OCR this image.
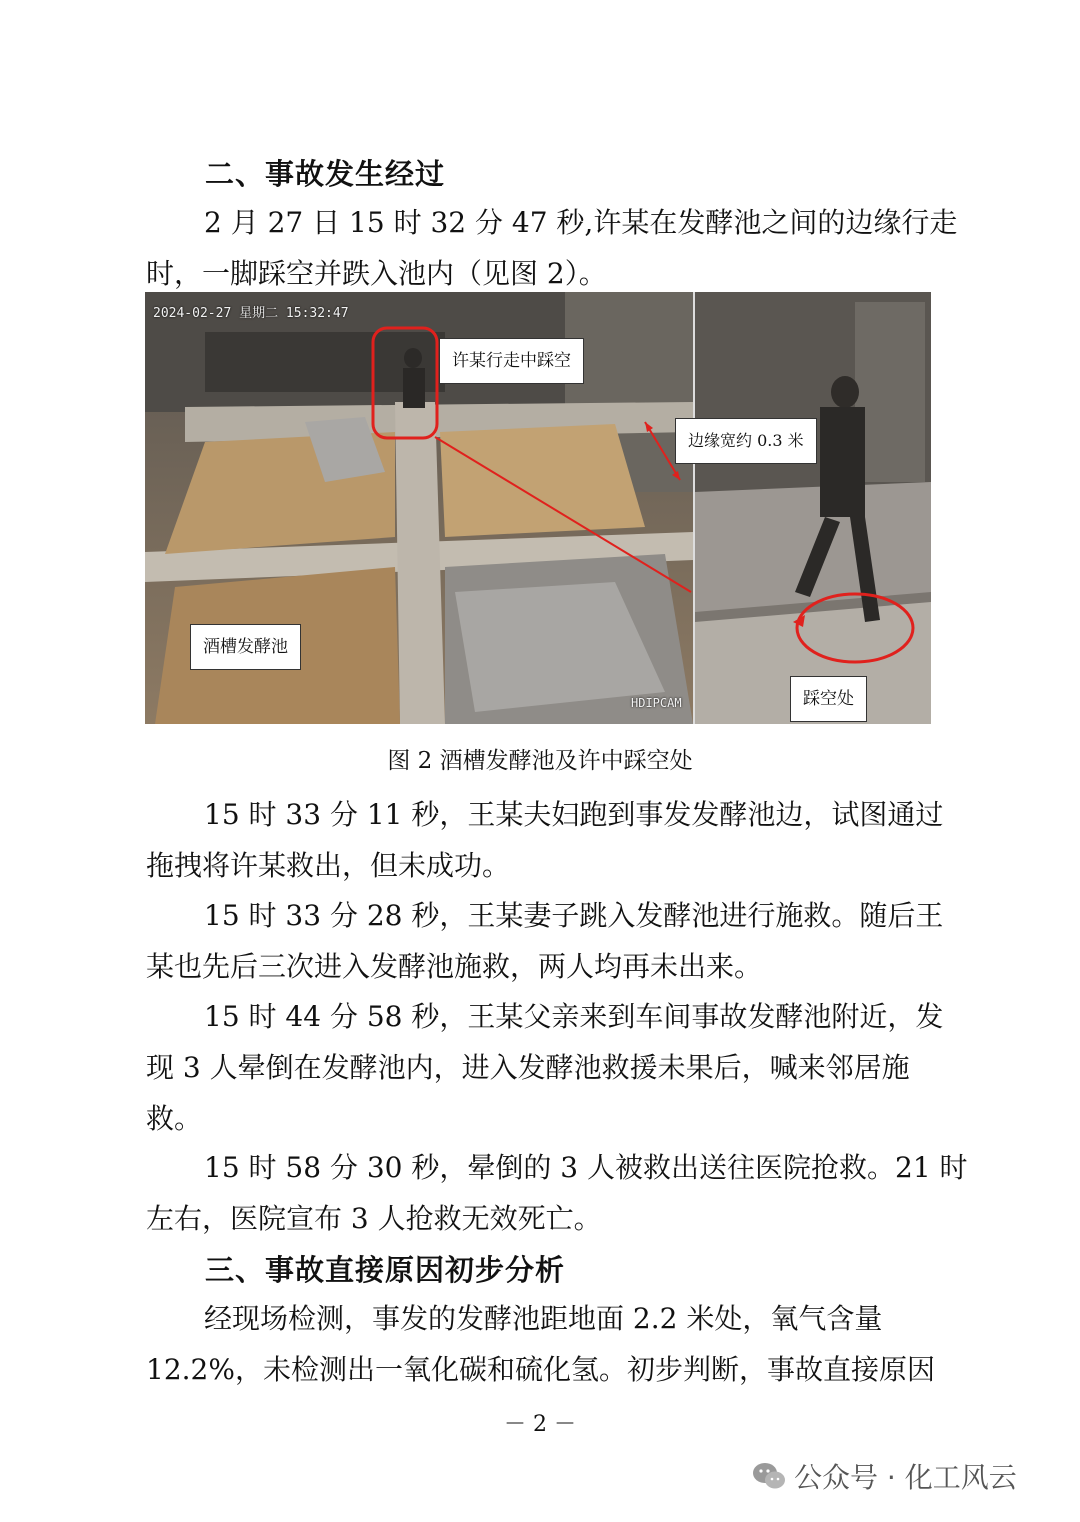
二、事故发生经过

2 月 27 日 15 时 32 分 47 秒,许某在发酵池之间的边缘行走
时，一脚踩空并跌入池内（见图 2）。

2024-02-27 星期二 15:32:47
HDIPCAM
许某行走中踩空
边缘宽约 0.3 米
酒槽发酵池
踩空处
图 2 酒槽发酵池及许中踩空处

15 时 33 分 11 秒，王某夫妇跑到事发发酵池边，试图通过
拖拽将许某救出，但未成功。

15 时 33 分 28 秒，王某妻子跳入发酵池进行施救。随后王
某也先后三次进入发酵池施救，两人均再未出来。

15 时 44 分 58 秒，王某父亲来到车间事故发酵池附近，发
现 3 人晕倒在发酵池内，进入发酵池救援未果后，喊来邻居施
救。

15 时 58 分 30 秒，晕倒的 3 人被救出送往医院抢救。21 时
左右，医院宣布 3 人抢救无效死亡。

三、事故直接原因初步分析

经现场检测，事发的发酵池距地面 2.2 米处，氧气含量
12.2%，未检测出一氧化碳和硫化氢。初步判断，事故直接原因

－ 2 －
公众号 · 化工风云
